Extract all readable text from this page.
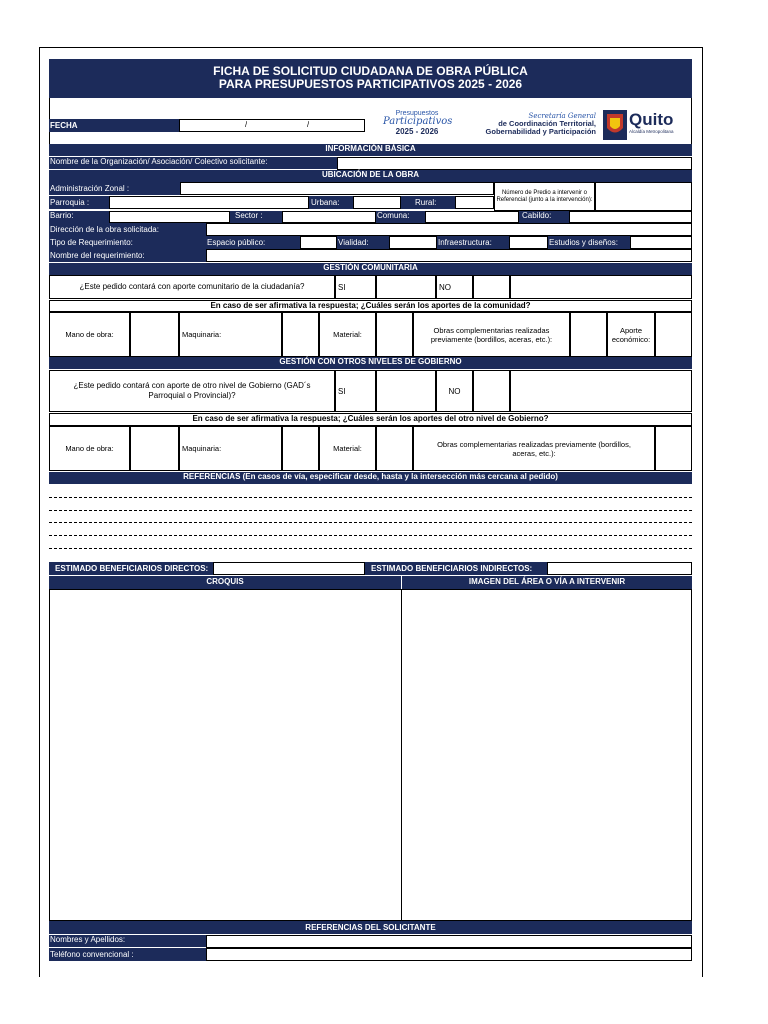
FICHA DE SOLICITUD CIUDADANA DE OBRA PÚBLICA
PARA PRESUPUESTOS PARTICIPATIVOS 2025 - 2026
FECHA	/	/
Presupuestos
Participativos
2025 - 2026
Secretaría General
de Coordinación Territorial,
Gobernabilidad y Participación
Quito
Alcaldía Metropolitana
INFORMACIÓN BÁSICA
Nombre de la Organización/ Asociación/ Colectivo solicitante:
UBICACIÓN DE LA OBRA
Administración Zonal :	Número de Predio a intervenir o Referencial (junto a la intervención):
Parroquia :	Urbana:	Rural:
Barrio:	Sector :	Comuna:	Cabildo:
Dirección de la obra solicitada:
Tipo de Requerimiento:	Espacio público:	Vialidad:	Infraestructura:	Estudios y diseños:
Nombre del requerimiento:
GESTIÓN COMUNITARIA
¿Este pedido contará con aporte comunitario de la ciudadanía?	SI	NO
En caso de ser afirmativa la respuesta; ¿Cuáles serán los aportes de la comunidad?
Mano de obra:	Maquinaria:	Material:	Obras complementarias realizadas previamente (bordillos, aceras, etc.):
Aporte económico:
GESTIÓN CON OTROS NIVELES DE GOBIERNO
¿Este pedido contará con aporte de otro nivel de Gobierno (GAD´s Parroquial o Provincial)?	SI	NO
En caso de ser afirmativa la respuesta; ¿Cuáles serán los aportes del otro nivel de Gobierno?
Mano de obra:	Maquinaria:	Material:	Obras complementarias realizadas previamente (bordillos, aceras, etc.):
REFERENCIAS (En casos de vía, especificar desde, hasta y la intersección más cercana al pedido)
ESTIMADO BENEFICIARIOS DIRECTOS:	ESTIMADO BENEFICIARIOS INDIRECTOS:
CROQUIS	IMAGEN DEL ÁREA O VÍA A INTERVENIR
REFERENCIAS DEL SOLICITANTE
Nombres y Apellidos:
Teléfono convencional :
